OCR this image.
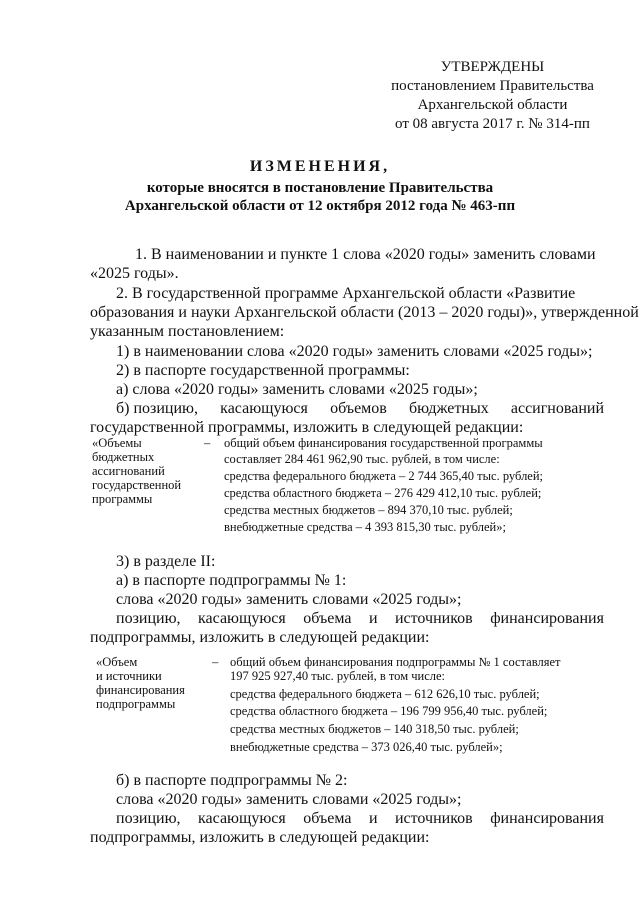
УТВЕРЖДЕНЫ
постановлением Правительства
Архангельской области
от 08 августа 2017 г. № 314-пп
ИЗМЕНЕНИЯ,
которые вносятся в постановление Правительства
Архангельской области от 12 октября 2012 года № 463-пп
1. В наименовании и пункте 1 слова «2020 годы» заменить словами
«2025 годы».
2. В государственной программе Архангельской области «Развитие
образования и науки Архангельской области (2013 – 2020 годы)», утвержденной
указанным постановлением:
1) в наименовании слова «2020 годы» заменить словами «2025 годы»;
2) в паспорте государственной программы:
а) слова «2020 годы» заменить словами «2025 годы»;
б) позицию, касающуюся объемов бюджетных ассигнований
государственной программы, изложить в следующей редакции:
«Объемы
бюджетных
ассигнований
государственной
программы
– общий объем финансирования государственной программы
составляет 284 461 962,90 тыс. рублей, в том числе:
средства федерального бюджета – 2 744 365,40 тыс. рублей;
средства областного бюджета – 276 429 412,10 тыс. рублей;
средства местных бюджетов – 894 370,10 тыс. рублей;
внебюджетные средства – 4 393 815,30 тыс. рублей»;
3) в разделе II:
а) в паспорте подпрограммы № 1:
слова «2020 годы» заменить словами «2025 годы»;
позицию, касающуюся объема и источников финансирования
подпрограммы, изложить в следующей редакции:
«Объем
и источники
финансирования
подпрограммы
– общий объем финансирования подпрограммы № 1 составляет
197 925 927,40 тыс. рублей, в том числе:
средства федерального бюджета – 612 626,10 тыс. рублей;
средства областного бюджета – 196 799 956,40 тыс. рублей;
средства местных бюджетов – 140 318,50 тыс. рублей;
внебюджетные средства – 373 026,40 тыс. рублей»;
б) в паспорте подпрограммы № 2:
слова «2020 годы» заменить словами «2025 годы»;
позицию, касающуюся объема и источников финансирования
подпрограммы, изложить в следующей редакции:
